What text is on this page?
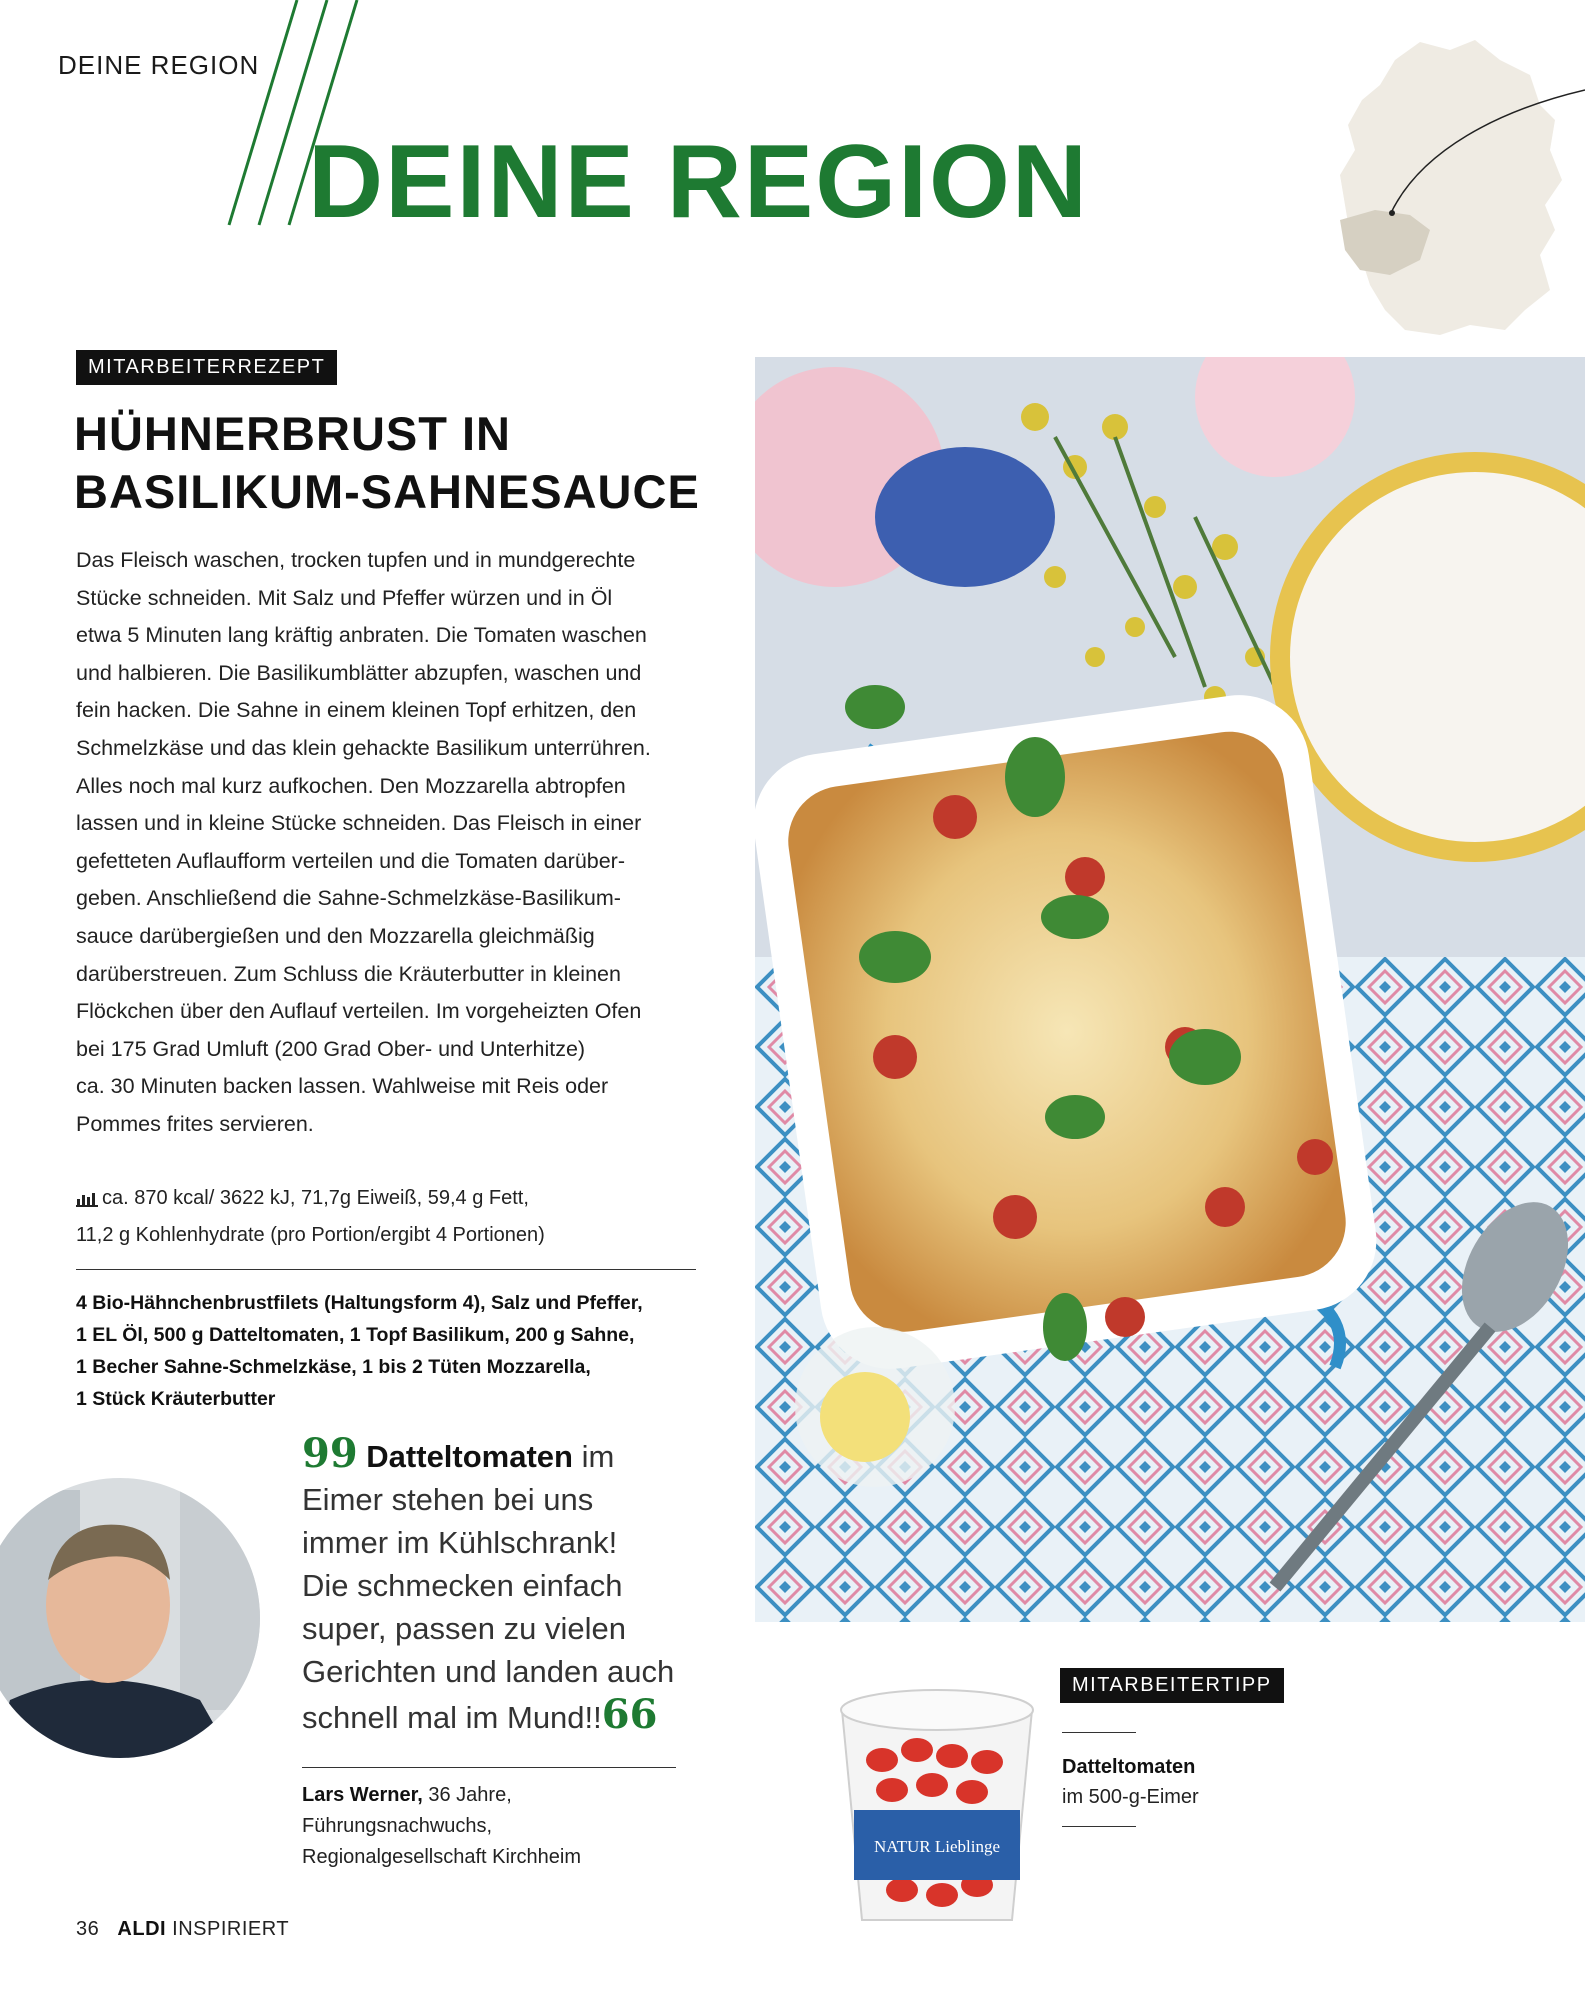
DEINE REGION
DEINE REGION
MITARBEITERREZEPT
HÜHNERBRUST IN
BASILIKUM-SAHNESAUCE
Das Fleisch waschen, trocken tupfen und in mundgerechte
Stücke schneiden. Mit Salz und Pfeffer würzen und in Öl
etwa 5 Minuten lang kräftig anbraten. Die Tomaten waschen
und halbieren. Die Basilikumblätter abzupfen, waschen und
fein hacken. Die Sahne in einem kleinen Topf erhitzen, den
Schmelzkäse und das klein gehackte Basilikum unterrühren.
Alles noch mal kurz aufkochen. Den Mozzarella abtropfen
lassen und in kleine Stücke schneiden. Das Fleisch in einer
gefetteten Auflaufform verteilen und die Tomaten darüber-
geben. Anschließend die Sahne-Schmelzkäse-Basilikum-
sauce darübergießen und den Mozzarella gleichmäßig
darüberstreuen. Zum Schluss die Kräuterbutter in kleinen
Flöckchen über den Auflauf verteilen. Im vorgeheizten Ofen
bei 175 Grad Umluft (200 Grad Ober- und Unterhitze)
ca. 30 Minuten backen lassen. Wahlweise mit Reis oder
Pommes frites servieren.
ca. 870 kcal/ 3622 kJ, 71,7g Eiweiß, 59,4 g Fett,
11,2 g Kohlenhydrate (pro Portion/ergibt 4 Portionen)
4 Bio-Hähnchenbrustfilets (Haltungsform 4), Salz und Pfeffer,
1 EL Öl, 500 g Datteltomaten, 1 Topf Basilikum, 200 g Sahne,
1 Becher Sahne-Schmelzkäse, 1 bis 2 Tüten Mozzarella,
1 Stück Kräuterbutter
99 Datteltomaten im
Eimer stehen bei uns
immer im Kühlschrank!
Die schmecken einfach
super, passen zu vielen
Gerichten und landen auch
schnell mal im Mund!!66
Lars Werner, 36 Jahre,
Führungsnachwuchs,
Regionalgesellschaft Kirchheim	NATUR Lieblinge
MITARBEITERTIPP
Datteltomaten
im 500-g-Eimer
36 ALDI INSPIRIERT
